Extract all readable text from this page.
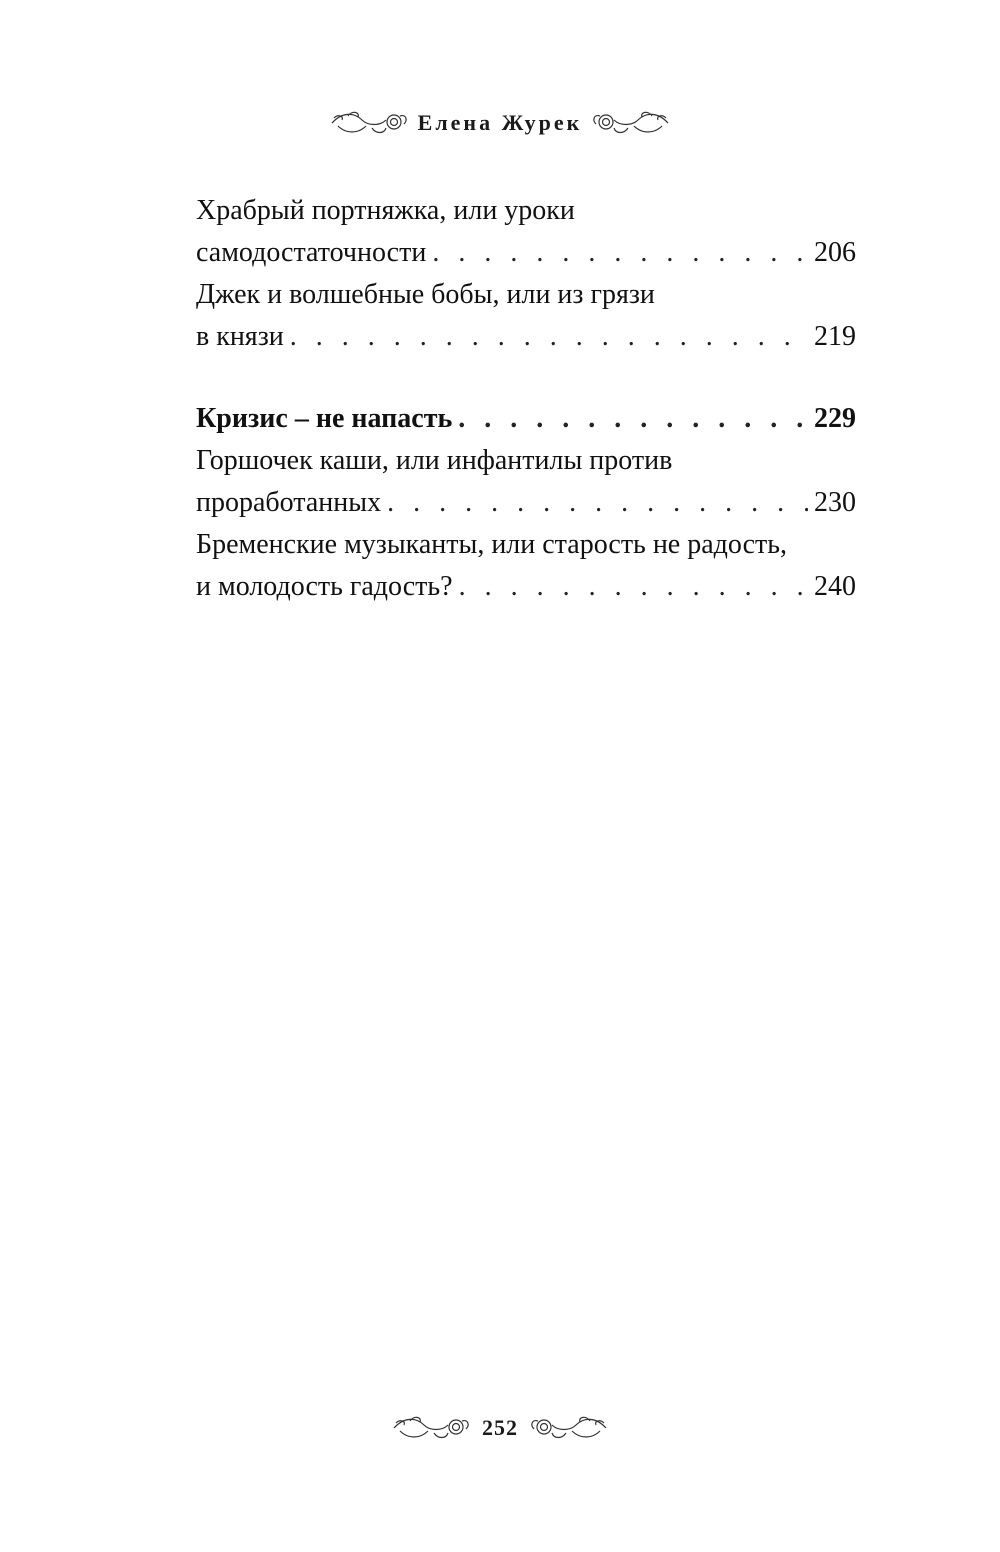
Елена Журек
Храбрый портняжка, или уроки
самодостаточности . . .	206
Джек и волшебные бобы, или из грязи
в князи . . .	219
Кризис – не напасть . . .	229
Горшочек каши, или инфантилы против
проработанных . . .	230
Бременские музыканты, или старость не радость,
и молодость гадость? . . .	240
252
